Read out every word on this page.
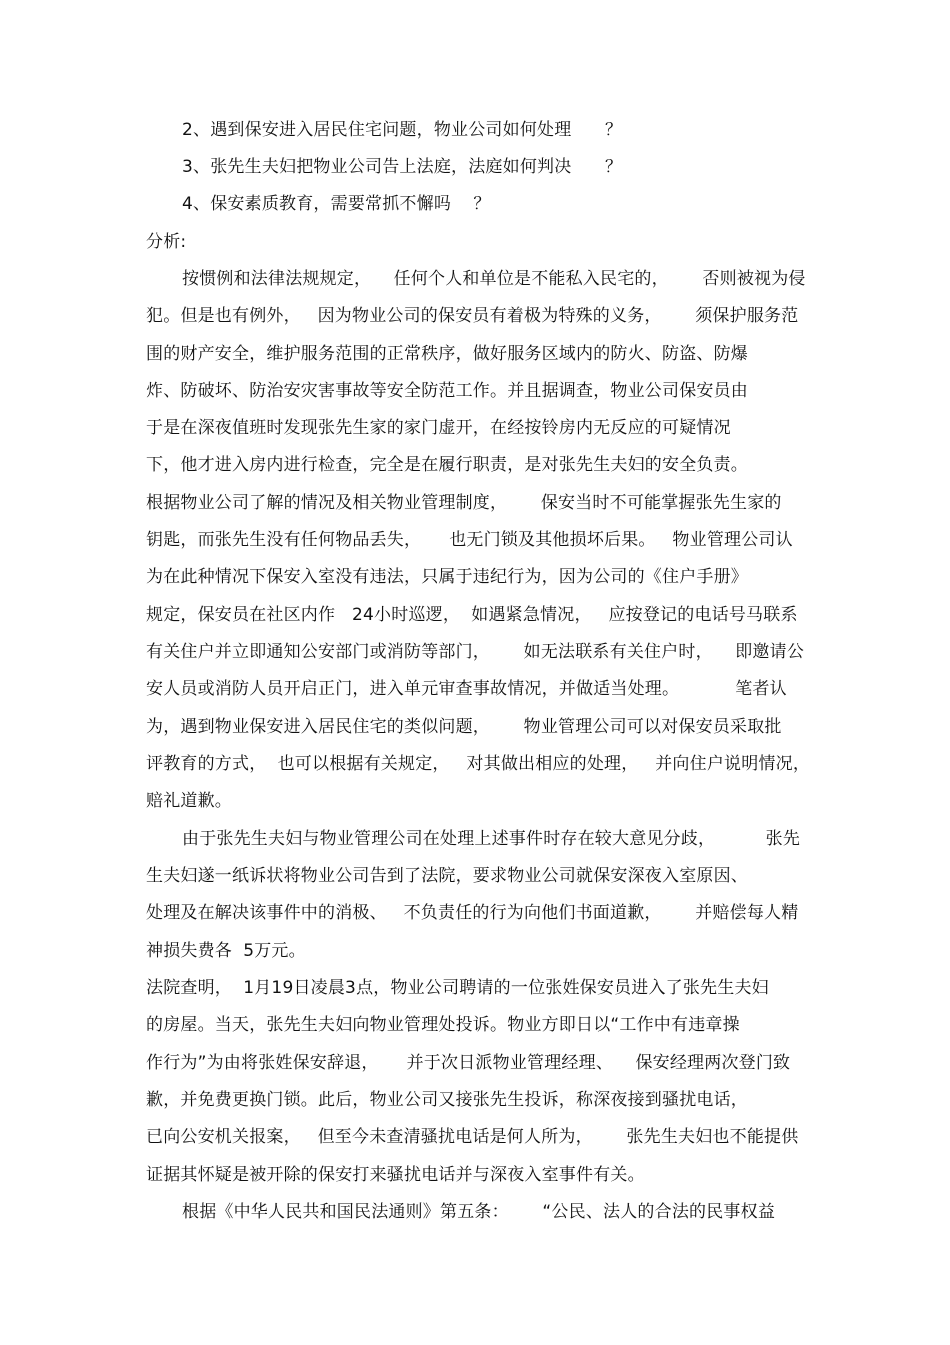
2、遇到保安进入居民住宅问题，物业公司如何处理      ？
3、张先生夫妇把物业公司告上法庭，法庭如何判决      ？
4、保安素质教育，需要常抓不懈吗    ？
分析:
按惯例和法律法规规定，    任何个人和单位是不能私入民宅的，      否则被视为侵
犯。但是也有例外，   因为物业公司的保安员有着极为特殊的义务，      须保护服务范
围的财产安全，维护服务范围的正常秩序，做好服务区域内的防火、防盗、防爆
炸、防破坏、防治安灾害事故等安全防范工作。并且据调查，物业公司保安员由
于是在深夜值班时发现张先生家的家门虚开，在经按铃房内无反应的可疑情况
下，他才进入房内进行检查，完全是在履行职责，是对张先生夫妇的安全负责。
根据物业公司了解的情况及相关物业管理制度，      保安当时不可能掌握张先生家的
钥匙，而张先生没有任何物品丢失，     也无门锁及其他损坏后果。   物业管理公司认
为在此种情况下保安入室没有违法，只属于违纪行为，因为公司的《住户手册》
规定，保安员在社区内作   24小时巡逻，  如遇紧急情况，   应按登记的电话号马联系
有关住户并立即通知公安部门或消防等部门，      如无法联系有关住户时，    即邀请公
安人员或消防人员开启正门，进入单元审查事故情况，并做适当处理。          笔者认
为，遇到物业保安进入居民住宅的类似问题，      物业管理公司可以对保安员采取批
评教育的方式，  也可以根据有关规定，   对其做出相应的处理，   并向住户说明情况，
赔礼道歉。
由于张先生夫妇与物业管理公司在处理上述事件时存在较大意见分歧，         张先
生夫妇遂一纸诉状将物业公司告到了法院，要求物业公司就保安深夜入室原因、
处理及在解决该事件中的消极、   不负责任的行为向他们书面道歉，      并赔偿每人精
神损失费各  5万元。
法院查明，  1月19日凌晨3点，物业公司聘请的一位张姓保安员进入了张先生夫妇
的房屋。当天，张先生夫妇向物业管理处投诉。物业方即日以“工作中有违章操
作行为”为由将张姓保安辞退，     并于次日派物业管理经理、    保安经理两次登门致
歉，并免费更换门锁。此后，物业公司又接张先生投诉，称深夜接到骚扰电话，
已向公安机关报案，   但至今未查清骚扰电话是何人所为，      张先生夫妇也不能提供
证据其怀疑是被开除的保安打来骚扰电话并与深夜入室事件有关。
根据《中华人民共和国民法通则》第五条：      “公民、法人的合法的民事权益
